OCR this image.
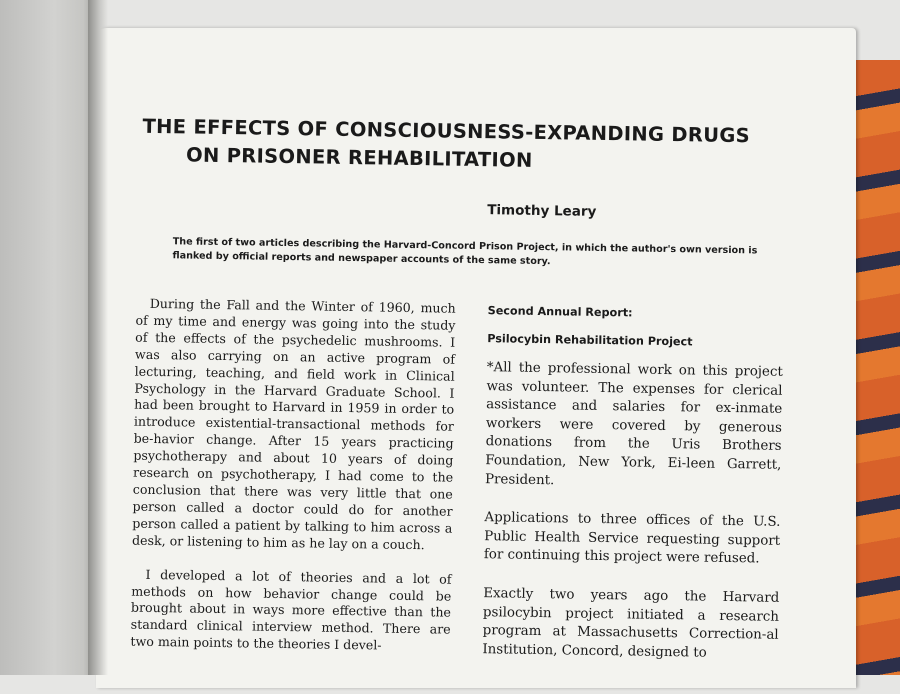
THE EFFECTS OF CONSCIOUSNESS-EXPANDING DRUGS
ON PRISONER REHABILITATION
Timothy Leary
The first of two articles describing the Harvard-Concord Prison Project, in which the author's own version is flanked by official reports and newspaper accounts of the same story.

During the Fall and the Winter of 1960, much of my time and energy was going into the study of the effects of the psychedelic mushrooms. I was also carrying on an active program of lecturing, teaching, and field work in Clinical Psychology in the Harvard Graduate School. I had been brought to Harvard in 1959 in order to introduce existential-transactional methods for be-havior change. After 15 years practicing psychotherapy and about 10 years of doing research on psychotherapy, I had come to the conclusion that there was very little that one person called a doctor could do for another person called a patient by talking to him across a desk, or listening to him as he lay on a couch.

I developed a lot of theories and a lot of methods on how behavior change could be brought about in ways more effective than the standard clinical interview method. There are two main points to the theories I devel-

Second Annual Report:
Psilocybin Rehabilitation Project

*All the professional work on this project was volunteer. The expenses for clerical assistance and salaries for ex-inmate workers were covered by generous donations from the Uris Brothers Foundation, New York, Ei-leen Garrett, President.

Applications to three offices of the U.S. Public Health Service requesting support for continuing this project were refused.

Exactly two years ago the Harvard psilocybin project initiated a research program at Massachusetts Correction-al Institution, Concord, designed to
